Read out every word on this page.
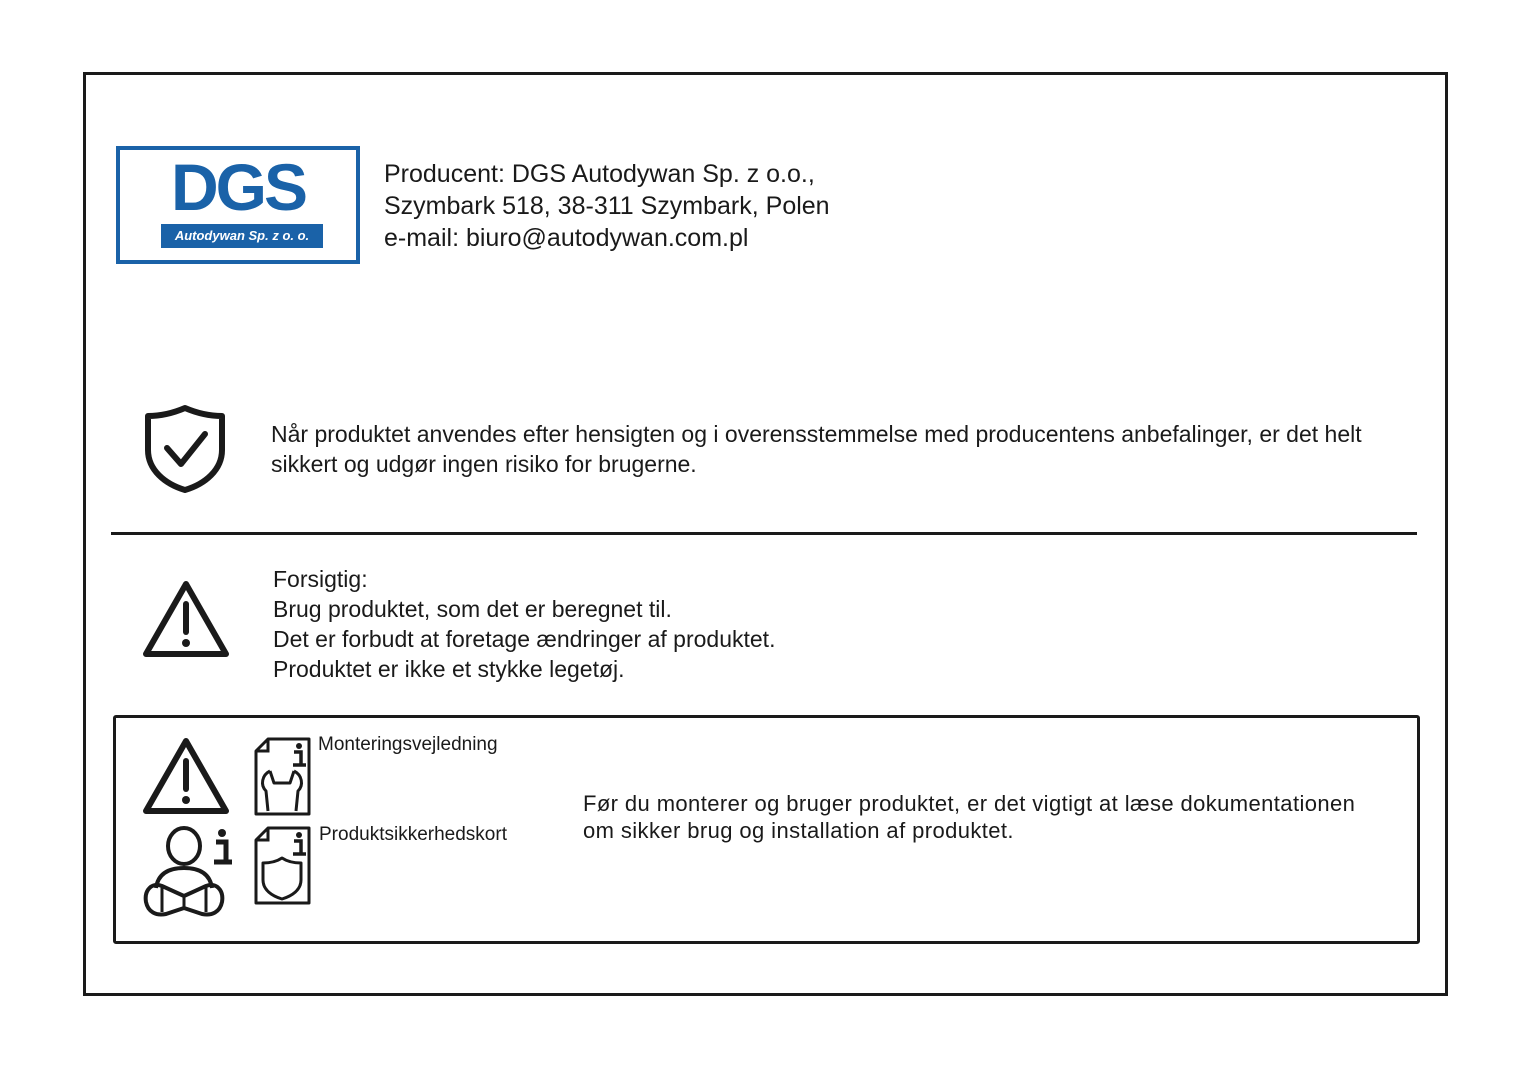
DGS
Autodywan Sp. z o. o.
Producent: DGS Autodywan Sp. z o.o.,
Szymbark 518, 38-311 Szymbark, Polen
e-mail: biuro@autodywan.com.pl
Når produktet anvendes efter hensigten og i overensstemmelse med producentens anbefalinger, er det helt sikkert og udgør ingen risiko for brugerne.
Forsigtig:
Brug produktet, som det er beregnet til.
Det er forbudt at foretage ændringer af produktet.
Produktet er ikke et stykke legetøj.
Monteringsvejledning
Produktsikkerhedskort
Før du monterer og bruger produktet, er det vigtigt at læse dokumentationen om sikker brug og installation af produktet.
